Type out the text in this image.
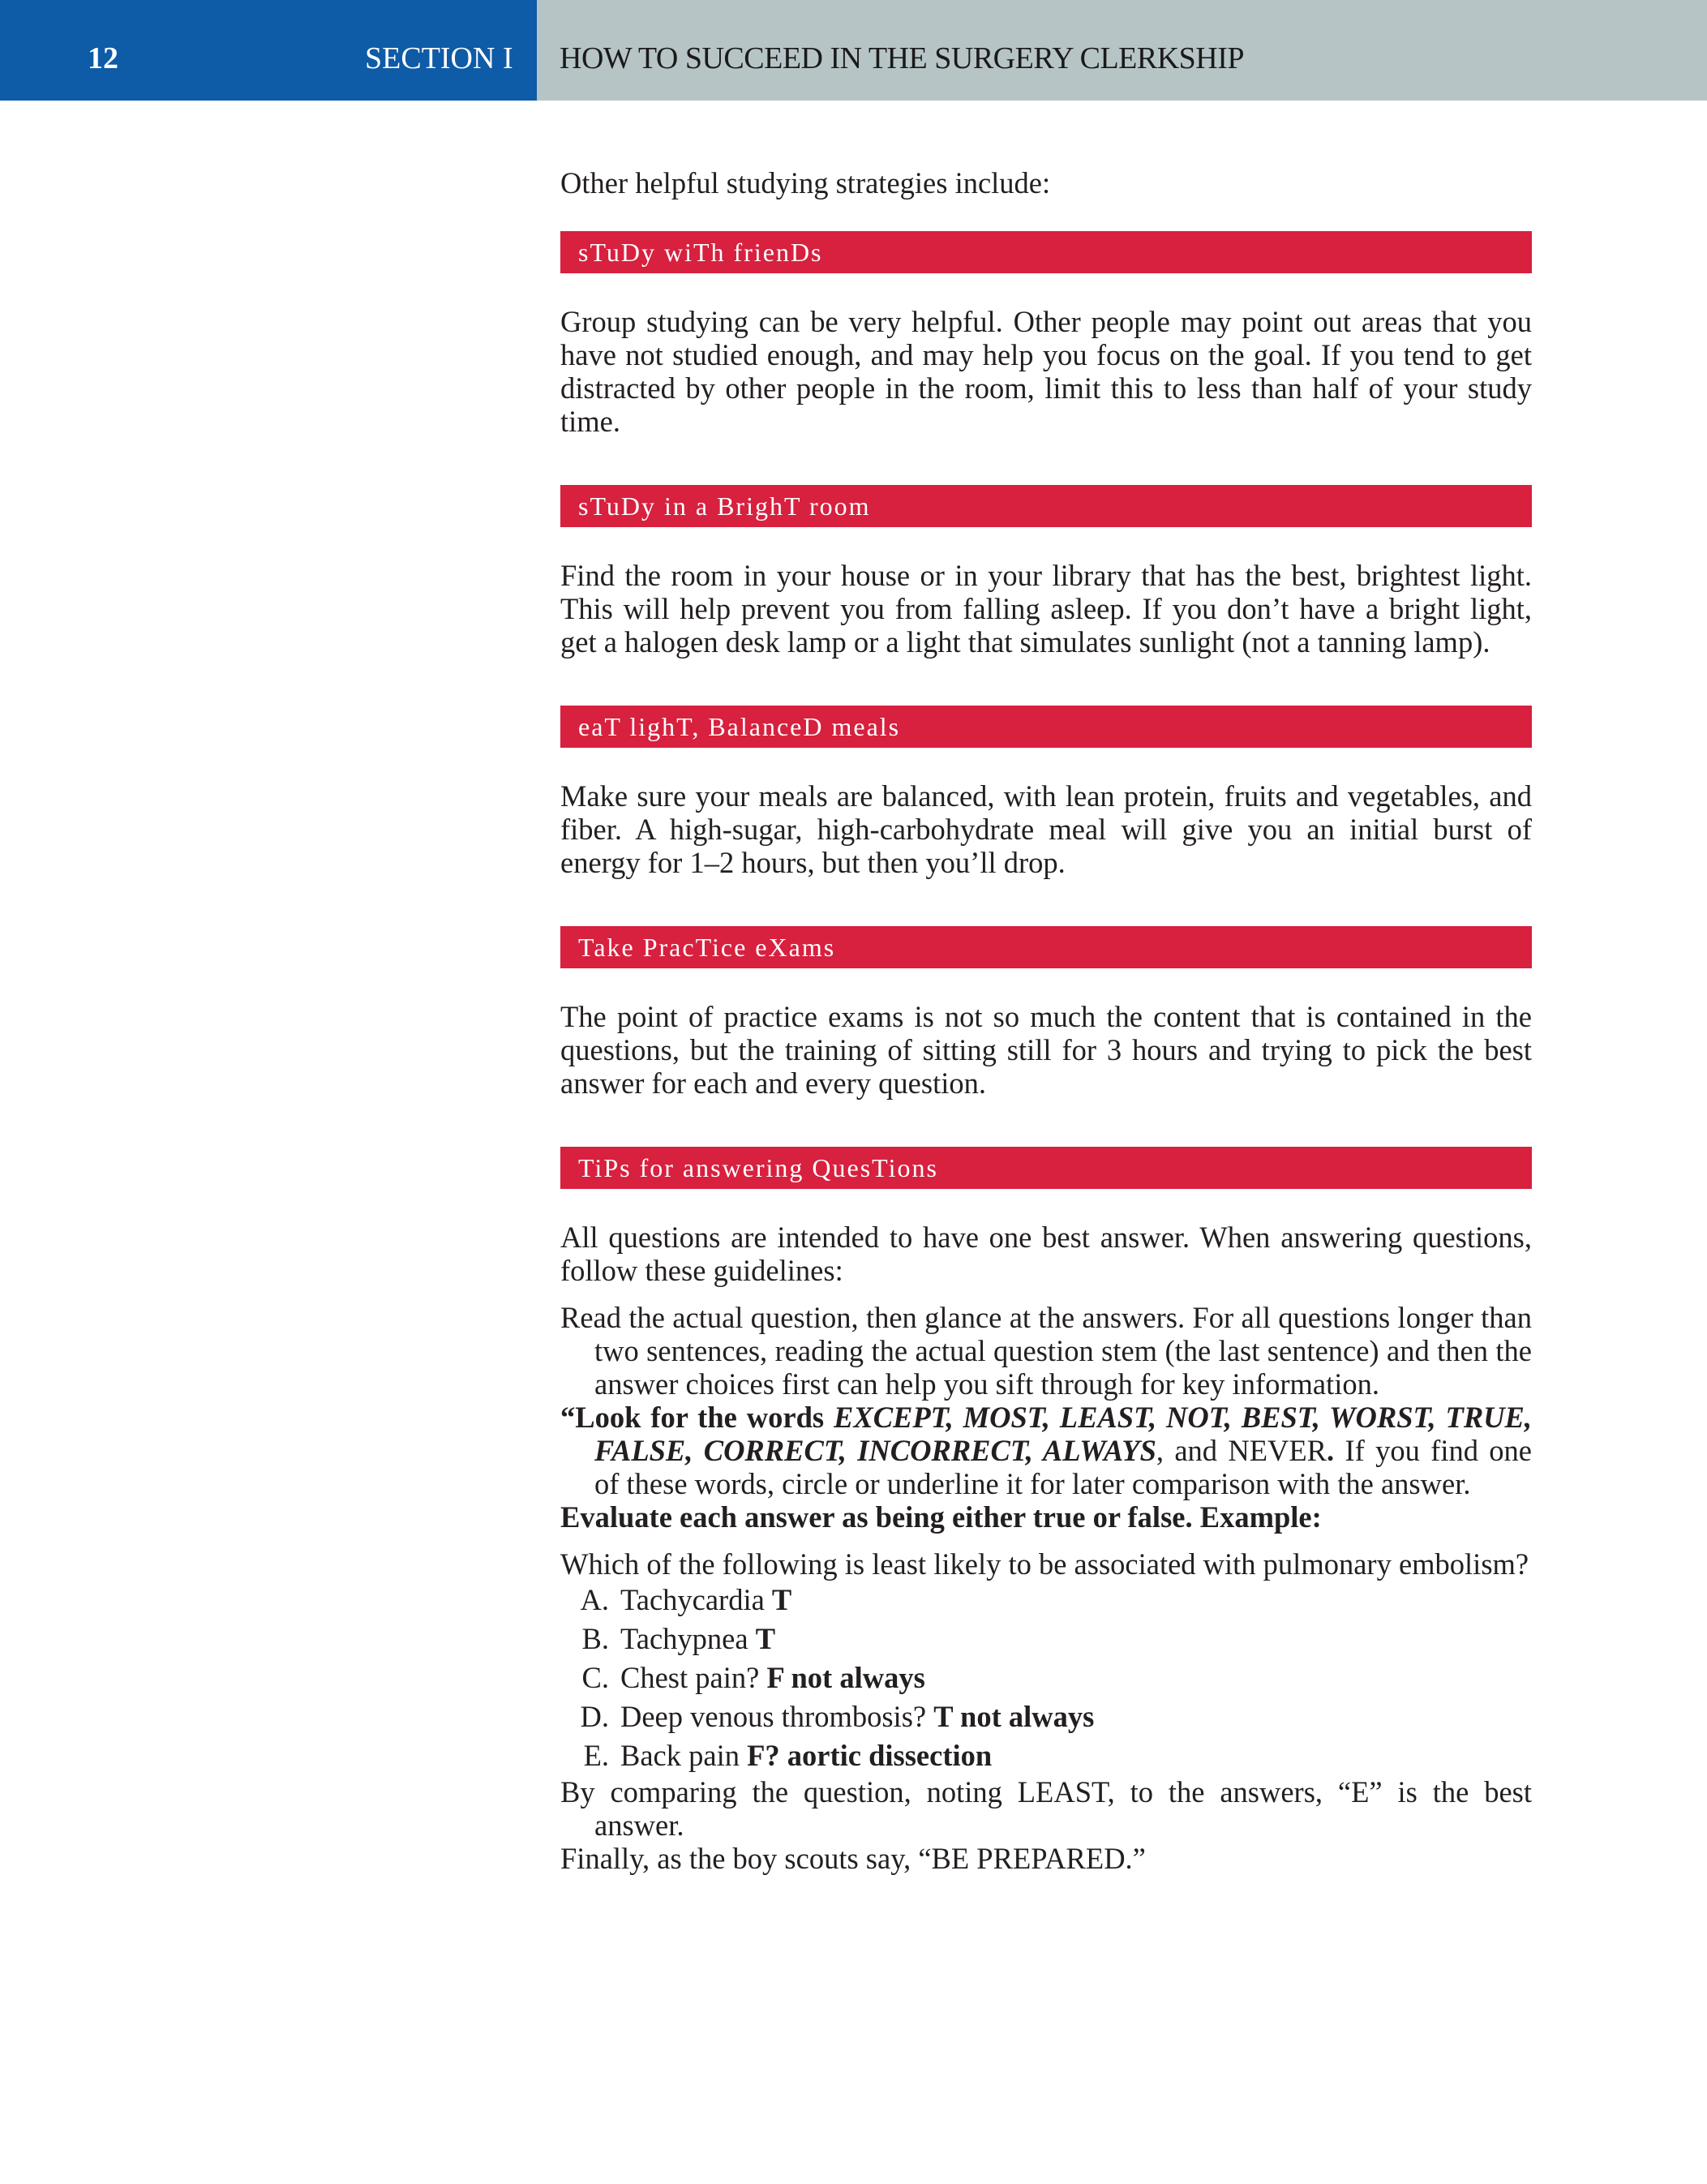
12	SECTION I HOW TO SUCCEED IN THE SURGERY CLERKSHIP

Other helpful studying strategies include:

sTuDy wiTh frienDs

Group studying can be very helpful. Other people may point out areas that you have not studied enough, and may help you focus on the goal. If you tend to get distracted by other people in the room, limit this to less than half of your study time.

sTuDy in a BrighT room

Find the room in your house or in your library that has the best, brightest light. This will help prevent you from falling asleep. If you don’t have a bright light, get a halogen desk lamp or a light that simulates sunlight (not a tanning lamp).

eaT lighT, BalanceD meals

Make sure your meals are balanced, with lean protein, fruits and vegetables, and fiber. A high-sugar, high-carbohydrate meal will give you an initial burst of energy for 1–2 hours, but then you’ll drop.

Take PracTice eXams

The point of practice exams is not so much the content that is contained in the questions, but the training of sitting still for 3 hours and trying to pick the best answer for each and every question.

TiPs for answering QuesTions

All questions are intended to have one best answer. When answering questions, follow these guidelines:

Read the actual question, then glance at the answers. For all questions longer than two sentences, reading the actual question stem (the last sentence) and then the answer choices first can help you sift through for key information.

“Look for the words EXCEPT, MOST, LEAST, NOT, BEST, WORST, TRUE, FALSE, CORRECT, INCORRECT, ALWAYS, and NEVER. If you find one of these words, circle or underline it for later comparison with the answer.

Evaluate each answer as being either true or false. Example:

Which of the following is least likely to be associated with pulmonary embolism?

A. Tachycardia T
B. Tachypnea T
C. Chest pain? F not always
D. Deep venous thrombosis? T not always
E. Back pain F? aortic dissection

By comparing the question, noting LEAST, to the answers, “E” is the best answer.

Finally, as the boy scouts say, “BE PREPARED.”
